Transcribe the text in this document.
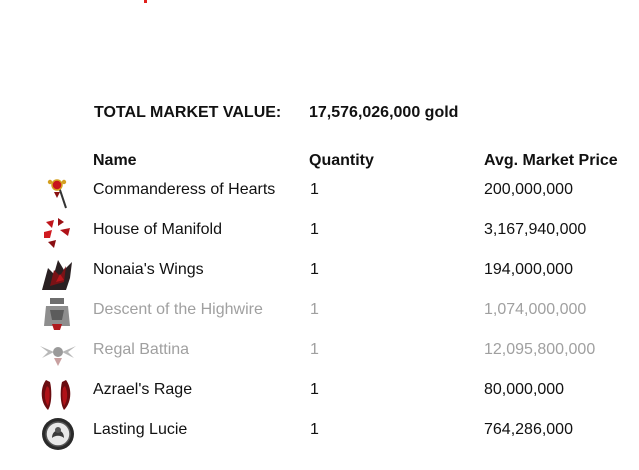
TOTAL MARKET VALUE: 17,576,026,000 gold
Name	Quantity	Avg. Market Price
Commanderess of Hearts 1	200,000,000
House of Manifold	1	3,167,940,000
Nonaia's Wings	1	194,000,000
Descent of the Highwire	1	1,074,000,000
Regal Battina	1	12,095,800,000
Azrael's Rage	1	80,000,000
Lasting Lucie	1	764,286,000
